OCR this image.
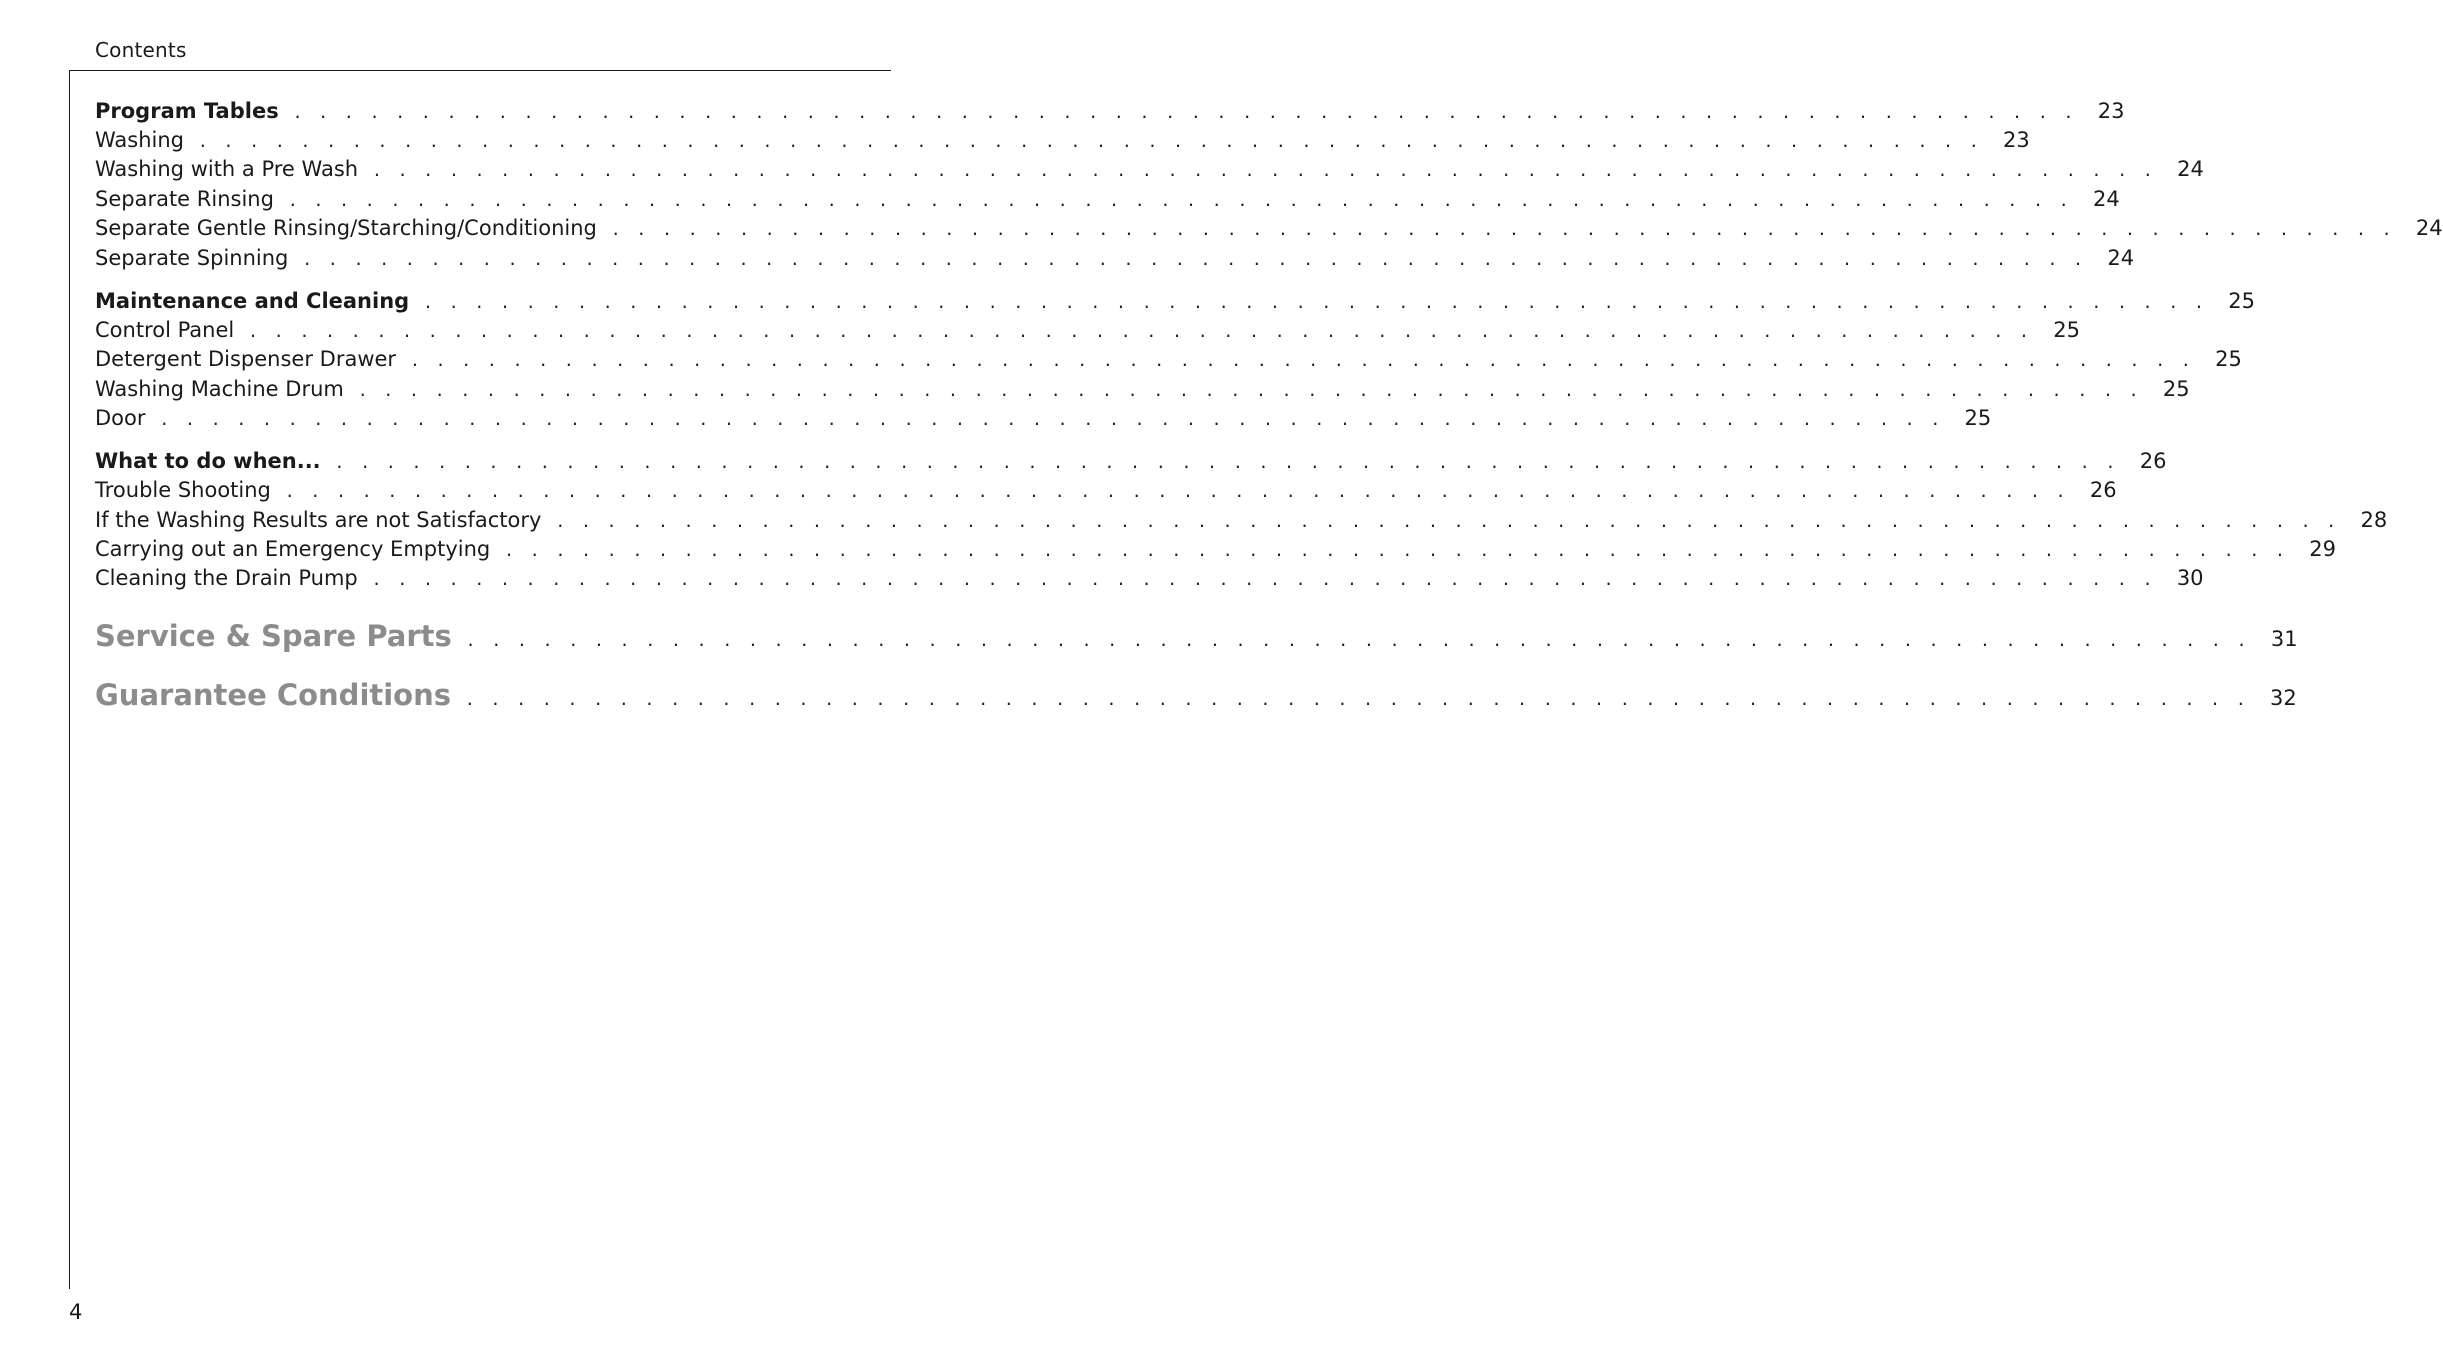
Contents
Program Tables . . . . . . . . . . . . . . . . . . . . . . . . . . . . . . . . . . . . . . . . . . . . . . . . . . . . . . . . . . . . . . . . . . . . . .	23
Washing . . . . . . . . . . . . . . . . . . . . . . . . . . . . . . . . . . . . . . . . . . . . . . . . . . . . . . . . . . . . . . . . . . . . . .	23
Washing with a Pre Wash . . . . . . . . . . . . . . . . . . . . . . . . . . . . . . . . . . . . . . . . . . . . . . . . . . . . . . . . . . . . . . . . . . . . . .	24
Separate Rinsing . . . . . . . . . . . . . . . . . . . . . . . . . . . . . . . . . . . . . . . . . . . . . . . . . . . . . . . . . . . . . . . . . . . . . .	24
Separate Gentle Rinsing/Starching/Conditioning . . . . . . . . . . . . . . . . . . . . . . . . . . . . . . . . . . . . . . . . . . . . . . . . . . . . . . . . . . . . . . . . . . . . . .	24
Separate Spinning . . . . . . . . . . . . . . . . . . . . . . . . . . . . . . . . . . . . . . . . . . . . . . . . . . . . . . . . . . . . . . . . . . . . . .	24
Maintenance and Cleaning . . . . . . . . . . . . . . . . . . . . . . . . . . . . . . . . . . . . . . . . . . . . . . . . . . . . . . . . . . . . . . . . . . . . . .	25
Control Panel . . . . . . . . . . . . . . . . . . . . . . . . . . . . . . . . . . . . . . . . . . . . . . . . . . . . . . . . . . . . . . . . . . . . . .	25
Detergent Dispenser Drawer . . . . . . . . . . . . . . . . . . . . . . . . . . . . . . . . . . . . . . . . . . . . . . . . . . . . . . . . . . . . . . . . . . . . . .	25
Washing Machine Drum . . . . . . . . . . . . . . . . . . . . . . . . . . . . . . . . . . . . . . . . . . . . . . . . . . . . . . . . . . . . . . . . . . . . . .	25
Door . . . . . . . . . . . . . . . . . . . . . . . . . . . . . . . . . . . . . . . . . . . . . . . . . . . . . . . . . . . . . . . . . . . . . .	25
What to do when... . . . . . . . . . . . . . . . . . . . . . . . . . . . . . . . . . . . . . . . . . . . . . . . . . . . . . . . . . . . . . . . . . . . . . .	26
Trouble Shooting . . . . . . . . . . . . . . . . . . . . . . . . . . . . . . . . . . . . . . . . . . . . . . . . . . . . . . . . . . . . . . . . . . . . . .	26
If the Washing Results are not Satisfactory . . . . . . . . . . . . . . . . . . . . . . . . . . . . . . . . . . . . . . . . . . . . . . . . . . . . . . . . . . . . . . . . . . . . . .	28
Carrying out an Emergency Emptying . . . . . . . . . . . . . . . . . . . . . . . . . . . . . . . . . . . . . . . . . . . . . . . . . . . . . . . . . . . . . . . . . . . . . .	29
Cleaning the Drain Pump . . . . . . . . . . . . . . . . . . . . . . . . . . . . . . . . . . . . . . . . . . . . . . . . . . . . . . . . . . . . . . . . . . . . . .	30
Service & Spare Parts . . . . . . . . . . . . . . . . . . . . . . . . . . . . . . . . . . . . . . . . . . . . . . . . . . . . . . . . . . . . . . . . . . . . . .	31
Guarantee Conditions . . . . . . . . . . . . . . . . . . . . . . . . . . . . . . . . . . . . . . . . . . . . . . . . . . . . . . . . . . . . . . . . . . . . . .	32
4
